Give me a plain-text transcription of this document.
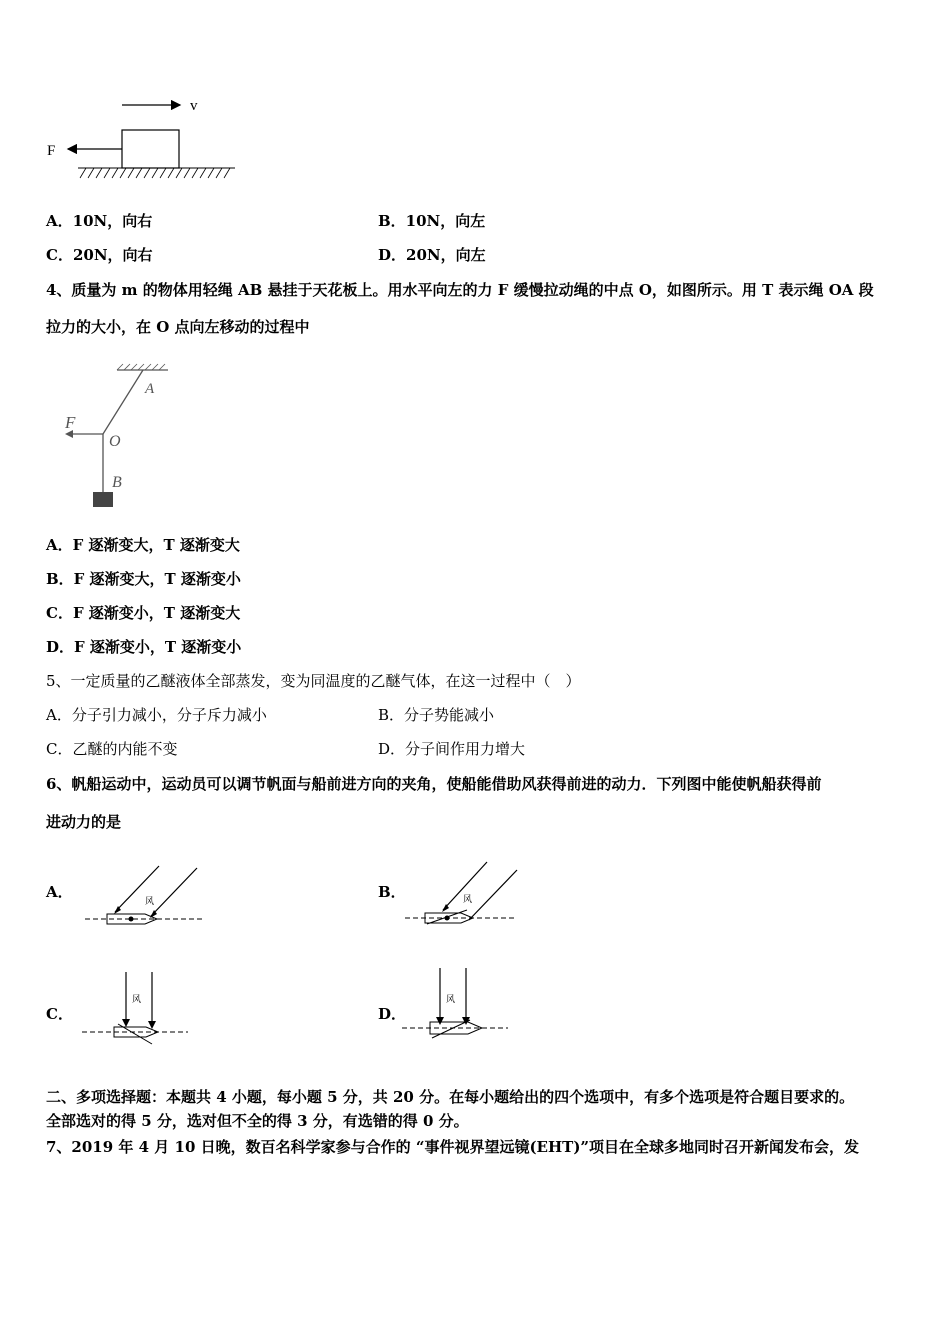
v
F
A．10N，向右	B．10N，向左
C．20N，向右	D．20N，向左
4、质量为 m 的物体用轻绳 AB 悬挂于天花板上。用水平向左的力 F 缓慢拉动绳的中点 O，如图所示。用 T 表示绳 OA 段
拉力的大小，在 O 点向左移动的过程中
A
F
O
B
A．F 逐渐变大，T 逐渐变大
B．F 逐渐变大，T 逐渐变小
C．F 逐渐变小，T 逐渐变大
D．F 逐渐变小，T 逐渐变小
5、一定质量的乙醚液体全部蒸发，变为同温度的乙醚气体，在这一过程中（　）
A．分子引力减小，分子斥力减小	B．分子势能减小
C．乙醚的内能不变	D．分子间作用力增大
6、帆船运动中，运动员可以调节帆面与船前进方向的夹角，使船能借助风获得前进的动力．下列图中能使帆船获得前
进动力的是
A．
风
B．	风
C．
风
D．
风
二、多项选择题：本题共 4 小题，每小题 5 分，共 20 分。在每小题给出的四个选项中，有多个选项是符合题目要求的。
全部选对的得 5 分，选对但不全的得 3 分，有选错的得 0 分。
7、2019 年 4 月 10 日晚，数百名科学家参与合作的 “事件视界望远镜(EHT)”项目在全球多地同时召开新闻发布会，发
